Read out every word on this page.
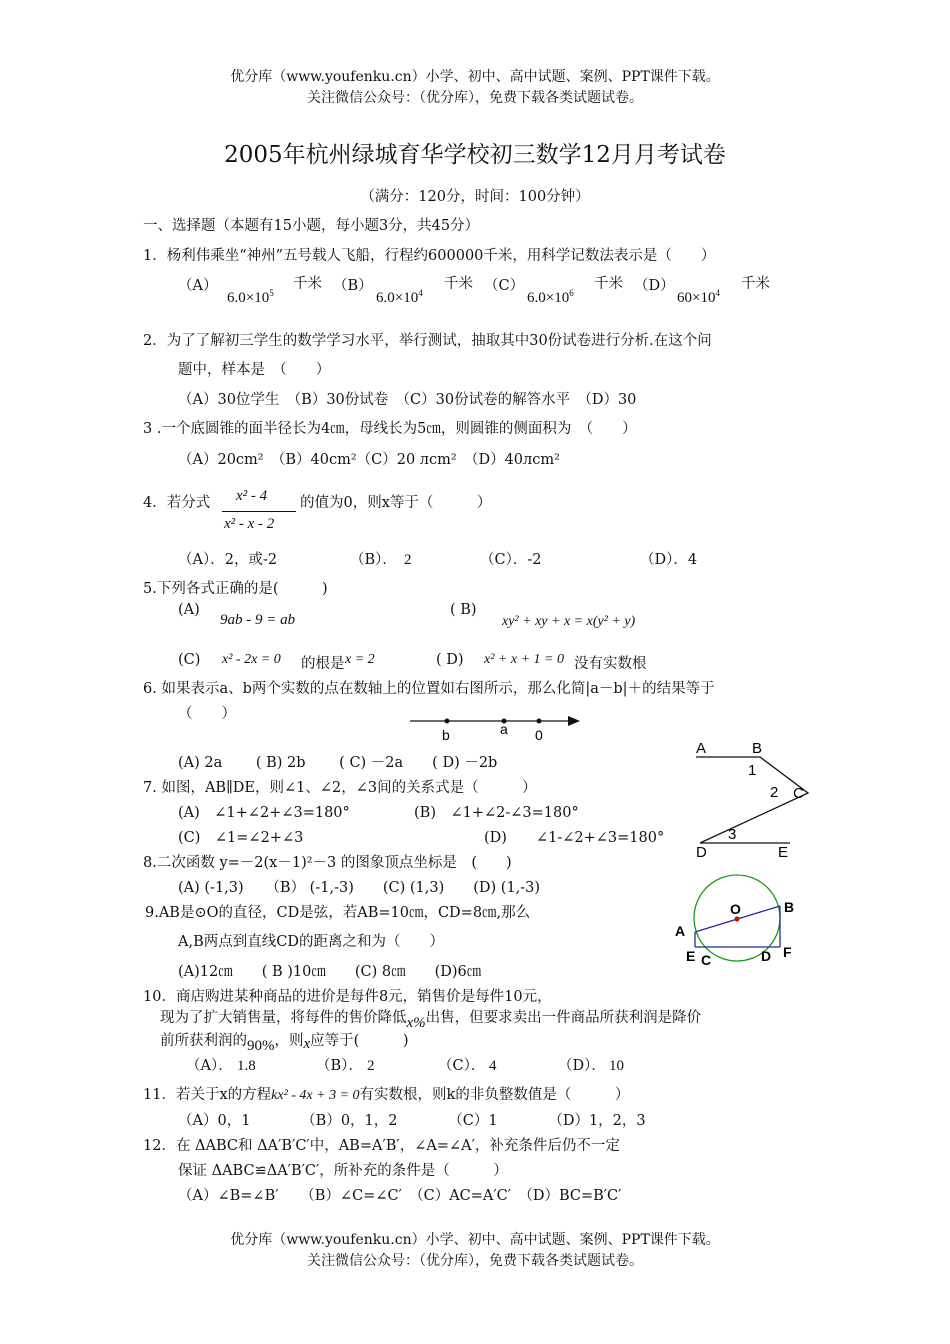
优分库（www.youfenku.cn）小学、初中、高中试题、案例、PPT课件下载。
关注微信公众号：（优分库），免费下载各类试题试卷。
2005年杭州绿城育华学校初三数学12月月考试卷
（满分：120分，时间：100分钟）
一、选择题（本题有15小题，每小题3分，共45分）
1．杨利伟乘坐“神州”五号载人飞船，行程约600000千米，用科学记数法表示是（　　）
（A）
$6.0\times 10^5$
千米 （B）
$6.0\times 10^4$
千米 （C）
$6.0\times 10^6$
千米 （D）
$60\times 10^4$
千米
2．为了了解初三学生的数学学习水平，举行测试，抽取其中30份试卷进行分析.在这个问
题中，样本是　（　　）
（A）30位学生　（B）30份试卷　（C）30份试卷的解答水平　（D）30
3 .一个底圆锥的面半径长为4㎝，母线长为5㎝，则圆锥的侧面积为　（　　）
（A）20cm²　（B）40cm²（C）20 лcm²　（D）40лcm²
4．若分式 x² - 4
x² - x - 2
的值为0，则x等于（　　　）
（A）．2，或-2	（B）． 2	（C）．-2	（D）．4
5.下列各式正确的是(　　　)
(A)
9ab - 9 = ab
( B)
xy² + xy + x = x(y² + y)
(C) x² - 2x = 0 的根是 x = 2	( D) x² + x + 1 = 0 没有实数根
6. 如果表示a、b两个实数的点在数轴上的位置如右图所示，那么化简|a－b|＋的结果等于
（　　）
b	a 0
(A) 2a　　 ( B) 2b　　 ( C) －2a　　( D) －2b
7. 如图，AB∥DE，则∠1、∠2，∠3间的关系式是（　　　）
(A)　∠1+∠2+∠3=180°	(B)　∠1+∠2-∠3=180°
(C)　∠1=∠2+∠3	(D)　　∠1-∠2+∠3=180°
A	B
C
D	E
1
2
3
8.二次函数 y=－2(x－1)²－3 的图象顶点坐标是　(　　)
(A) (-1,3)　　（B） (-1,-3)　　(C) (1,3)　　(D) (1,-3)
9.AB是⊙O的直径，CD是弦，若AB=10㎝，CD=8㎝,那么
A,B两点到直线CD的距离之和为（　　）
(A)12㎝　　( B )10㎝　　(C) 8㎝　　(D)6㎝
O	B
A
E C	D F
10．商店购进某种商品的进价是每件8元，销售价是每件10元，
现为了扩大销售量，将每件的售价降低x%出售，但要求卖出一件商品所获利润是降价
前所获利润的90%，则x应等于(　　　)
（A）． 1.8	（B）． 2	（C）． 4	（D）． 10
11．若关于x的方程kx² - 4x + 3 = 0有实数根，则k的非负整数值是（　　　）
（A）0，1　　　　（B）0，1，2　　　　（C）1　　　　（D）1，2，3
12．在 ΔABC和 ΔA′B′C′中，AB=A′B′，∠A=∠A′，补充条件后仍不一定
保证 ΔABC≌ΔA′B′C′，所补充的条件是（　　　）
（A）∠B=∠B′　　（B）∠C=∠C′　（C）AC=A′C′　（D）BC=B′C′
优分库（www.youfenku.cn）小学、初中、高中试题、案例、PPT课件下载。
关注微信公众号：（优分库），免费下载各类试题试卷。
